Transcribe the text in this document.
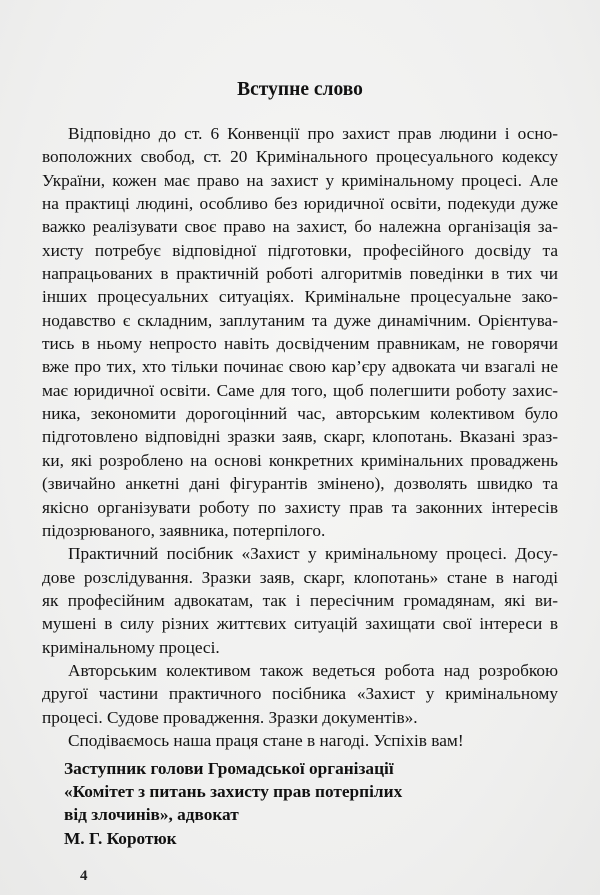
Вступне слово
Відповідно до ст. 6 Конвенції про захист прав людини і осно-
воположних свобод, ст. 20 Кримінального процесуального кодексу
України, кожен має право на захист у кримінальному процесі. Але
на практиці людині, особливо без юридичної освіти, подекуди дуже
важко реалізувати своє право на захист, бо належна організація за-
хисту потребує відповідної підготовки, професійного досвіду та
напрацьованих в практичній роботі алгоритмів поведінки в тих чи
інших процесуальних ситуаціях. Кримінальне процесуальне зако-
нодавство є складним, заплутаним та дуже динамічним. Орієнтува-
тись в ньому непросто навіть досвідченим правникам, не говорячи
вже про тих, хто тільки починає свою кар’єру адвоката чи взагалі не
має юридичної освіти. Саме для того, щоб полегшити роботу захис-
ника, зекономити дорогоцінний час, авторським колективом було
підготовлено відповідні зразки заяв, скарг, клопотань. Вказані зраз-
ки, які розроблено на основі конкретних кримінальних проваджень
(звичайно анкетні дані фігурантів змінено), дозволять швидко та
якісно організувати роботу по захисту прав та законних інтересів
підозрюваного, заявника, потерпілого.
Практичний посібник «Захист у кримінальному процесі. Досу-
дове розслідування. Зразки заяв, скарг, клопотань» стане в нагоді
як професійним адвокатам, так і пересічним громадянам, які ви-
мушені в силу різних життєвих ситуацій захищати свої інтереси в
кримінальному процесі.
Авторським колективом також ведеться робота над розробкою
другої частини практичного посібника «Захист у кримінальному
процесі. Судове провадження. Зразки документів».
Сподіваємось наша праця стане в нагоді. Успіхів вам!
Заступник голови Громадської організації
«Комітет з питань захисту прав потерпілих
від злочинів», адвокат
М. Г. Коротюк
4
